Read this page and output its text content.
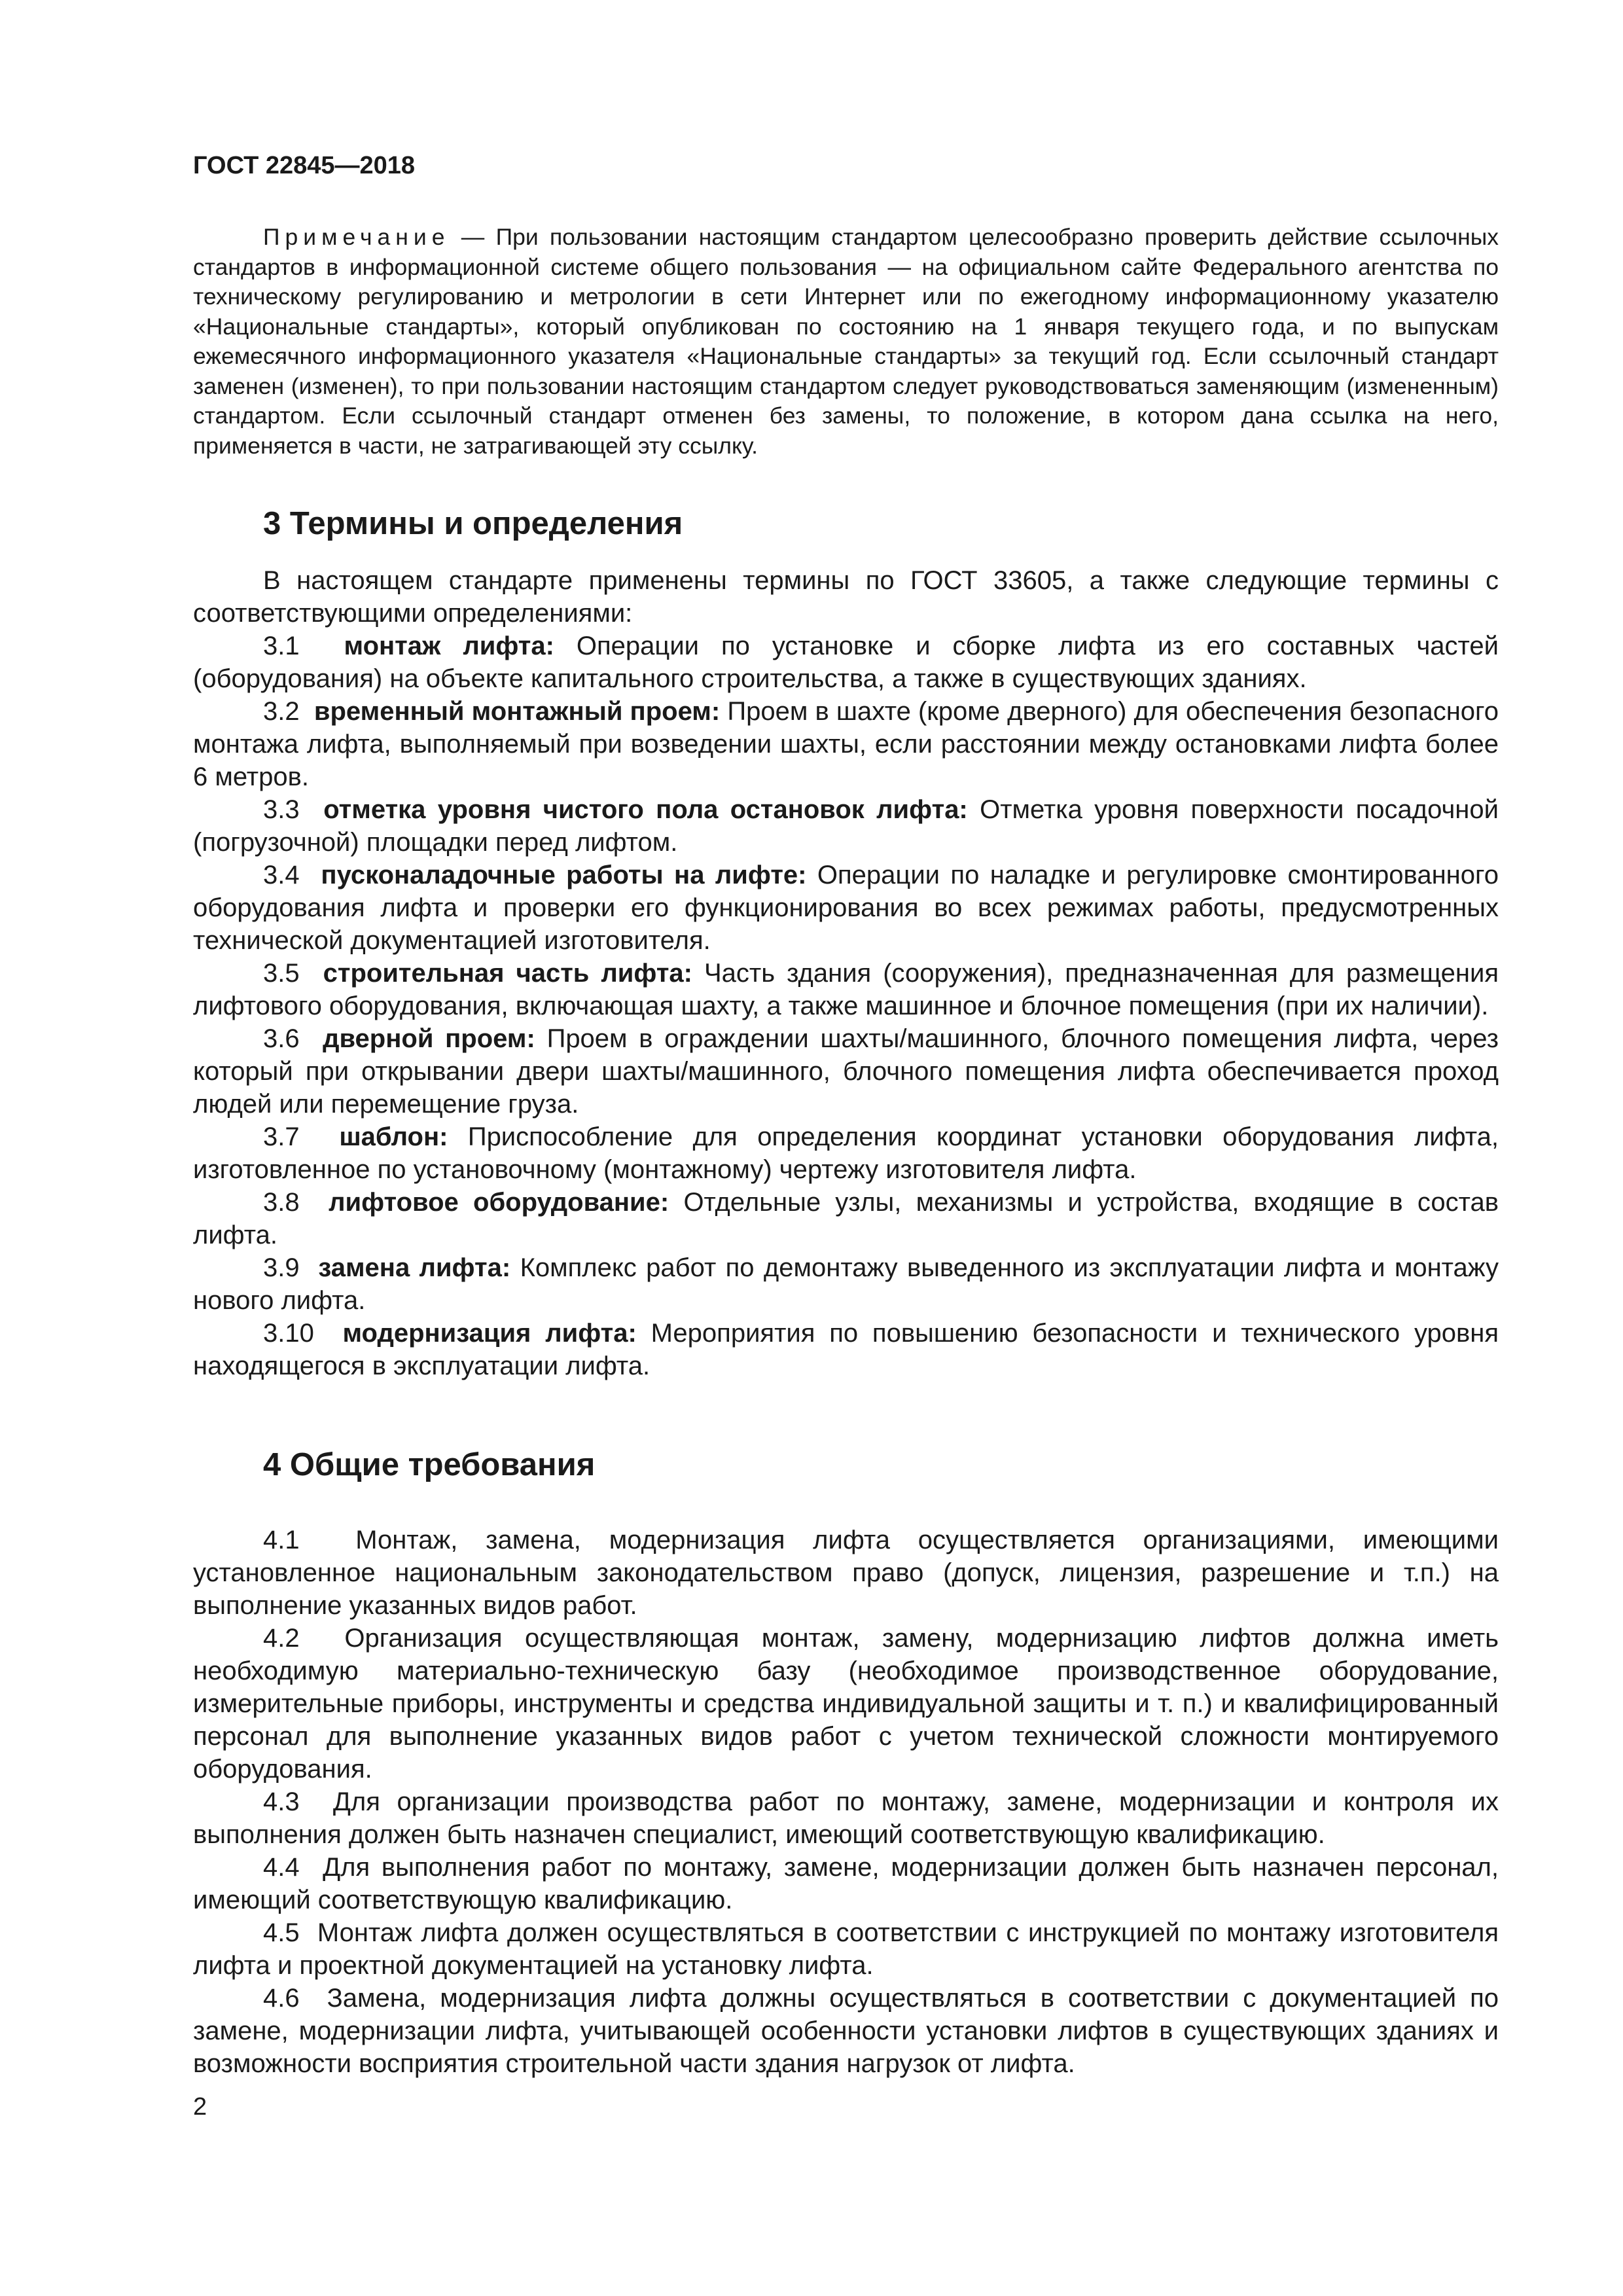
ГОСТ 22845—2018
Примечание — При пользовании настоящим стандартом целесообразно проверить действие ссылочных стандартов в информационной системе общего пользования — на официальном сайте Федерального агентства по техническому регулированию и метрологии в сети Интернет или по ежегодному информационному указателю «Национальные стандарты», который опубликован по состоянию на 1 января текущего года, и по выпускам ежемесячного информационного указателя «Национальные стандарты» за текущий год. Если ссылочный стандарт заменен (изменен), то при пользовании настоящим стандартом следует руководствоваться заменяющим (измененным) стандартом. Если ссылочный стандарт отменен без замены, то положение, в котором дана ссылка на него, применяется в части, не затрагивающей эту ссылку.
3 Термины и определения

В настоящем стандарте применены термины по ГОСТ 33605, а также следующие термины с соответствующими определениями:

3.1 монтаж лифта: Операции по установке и сборке лифта из его составных частей (оборудования) на объекте капитального строительства, а также в существующих зданиях.

3.2 временный монтажный проем: Проем в шахте (кроме дверного) для обеспечения безопасного монтажа лифта, выполняемый при возведении шахты, если расстоянии между остановками лифта более 6 метров.

3.3 отметка уровня чистого пола остановок лифта: Отметка уровня поверхности посадочной (погрузочной) площадки перед лифтом.

3.4 пусконаладочные работы на лифте: Операции по наладке и регулировке смонтированного оборудования лифта и проверки его функционирования во всех режимах работы, предусмотренных технической документацией изготовителя.

3.5 строительная часть лифта: Часть здания (сооружения), предназначенная для размещения лифтового оборудования, включающая шахту, а также машинное и блочное помещения (при их наличии).

3.6 дверной проем: Проем в ограждении шахты/машинного, блочного помещения лифта, через который при открывании двери шахты/машинного, блочного помещения лифта обеспечивается проход людей или перемещение груза.

3.7 шаблон: Приспособление для определения координат установки оборудования лифта, изготовленное по установочному (монтажному) чертежу изготовителя лифта.

3.8 лифтовое оборудование: Отдельные узлы, механизмы и устройства, входящие в состав лифта.

3.9 замена лифта: Комплекс работ по демонтажу выведенного из эксплуатации лифта и монтажу нового лифта.

3.10 модернизация лифта: Мероприятия по повышению безопасности и технического уровня находящегося в эксплуатации лифта.

4 Общие требования

4.1 Монтаж, замена, модернизация лифта осуществляется организациями, имеющими установленное национальным законодательством право (допуск, лицензия, разрешение и т.п.) на выполнение указанных видов работ.

4.2 Организация осуществляющая монтаж, замену, модернизацию лифтов должна иметь необходимую материально-техническую базу (необходимое производственное оборудование, измерительные приборы, инструменты и средства индивидуальной защиты и т. п.) и квалифицированный персонал для выполнение указанных видов работ с учетом технической сложности монтируемого оборудования.

4.3 Для организации производства работ по монтажу, замене, модернизации и контроля их выполнения должен быть назначен специалист, имеющий соответствующую квалификацию.

4.4 Для выполнения работ по монтажу, замене, модернизации должен быть назначен персонал, имеющий соответствующую квалификацию.

4.5 Монтаж лифта должен осуществляться в соответствии с инструкцией по монтажу изготовителя лифта и проектной документацией на установку лифта.

4.6 Замена, модернизация лифта должны осуществляться в соответствии с документацией по замене, модернизации лифта, учитывающей особенности установки лифтов в существующих зданиях и возможности восприятия строительной части здания нагрузок от лифта.

2
